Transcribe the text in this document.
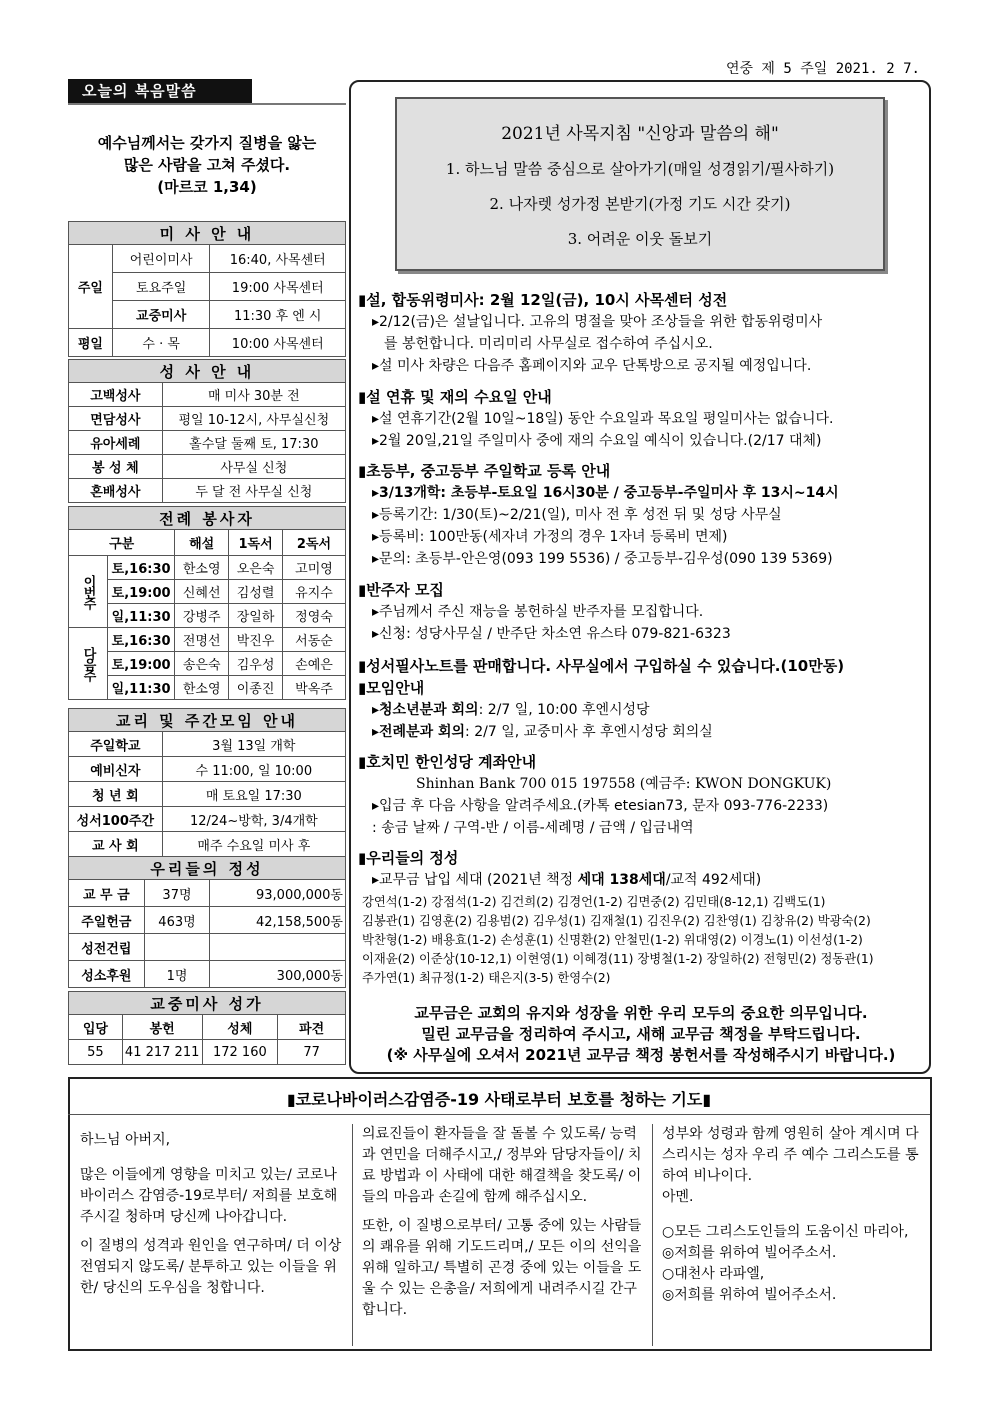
연중 제 5 주일 2021. 2 7.
오늘의 복음말씀
예수님께서는 갖가지 질병을 앓는
많은 사람을 고쳐 주셨다.
(마르코 1,34)
미 사 안 내		
주일	어린이미사	16:40, 사목센터
	토요주일	19:00 사목센터
	교중미사	11:30 후 엔 시
평일	수 · 목	10:00 사목센터
성 사 안 내	
고백성사	매 미사 30분 전
면담성사	평일 10-12시, 사무실신청
유아세례	홀수달 둘째 토, 17:30
봉 성 체	사무실 신청
혼배성사	두 달 전 사무실 신청
전례 봉사자				
구분		해설	1독서	2독서
이번주	토,16:30	한소영	오은숙	고미영
	토,19:00	신혜선	김성렬	유지수
	일,11:30	강병주	장일하	정영숙
다음주	토,16:30	전명선	박진우	서동순
	토,19:00	송은숙	김우성	손예은
	일,11:30	한소영	이종진	박옥주
교리 및 주간모임 안내	
주일학교	3월 13일 개학
예비신자	수 11:00, 일 10:00
청 년 회	매 토요일 17:30
성서100주간	12/24~방학, 3/4개학
교 사 회	매주 수요일 미사 후
우리들의 정성		
교 무 금	37명	93,000,000동
주일헌금	463명	42,158,500동
성전건립		
성소후원	1명	300,000동
교중미사 성가			
입당	봉헌	성체	파견
55	41 217 211	172 160	77
2021년 사목지침 "신앙과 말씀의 해"
1. 하느님 말씀 중심으로 살아가기(매일 성경읽기/필사하기)
2. 나자렛 성가정 본받기(가정 기도 시간 갖기)
3. 어려운 이웃 돌보기
▮설, 합동위령미사: 2월 12일(금), 10시 사목센터 성전
▸2/12(금)은 설날입니다. 고유의 명절을 맞아 조상들을 위한 합동위령미사
를 봉헌합니다. 미리미리 사무실로 접수하여 주십시오.
▸설 미사 차량은 다음주 홈페이지와 교우 단톡방으로 공지될 예정입니다.
▮설 연휴 및 재의 수요일 안내
▸설 연휴기간(2월 10일~18일) 동안 수요일과 목요일 평일미사는 없습니다.
▸2월 20일,21일 주일미사 중에 재의 수요일 예식이 있습니다.(2/17 대체)
▮초등부, 중고등부 주일학교 등록 안내
▸3/13개학: 초등부-토요일 16시30분 / 중고등부-주일미사 후 13시~14시
▸등록기간: 1/30(토)~2/21(일), 미사 전 후 성전 뒤 및 성당 사무실
▸등록비: 100만동(세자녀 가정의 경우 1자녀 등록비 면제)
▸문의: 초등부-안은영(093 199 5536) / 중고등부-김우성(090 139 5369)
▮반주자 모집
▸주님께서 주신 재능을 봉헌하실 반주자를 모집합니다.
▸신청: 성당사무실 / 반주단 차소연 유스타 079-821-6323
▮성서필사노트를 판매합니다. 사무실에서 구입하실 수 있습니다.(10만동)
▮모임안내
▸청소년분과 회의: 2/7 일, 10:00 후엔시성당
▸전례분과 회의: 2/7 일, 교중미사 후 후엔시성당 회의실
▮호치민 한인성당 계좌안내
Shinhan Bank 700 015 197558 (예금주: KWON DONGKUK)
▸입금 후 다음 사항을 알려주세요.(카톡 etesian73, 문자 093-776-2233)
: 송금 날짜 / 구역-반 / 이름-세례명 / 금액 / 입금내역
▮우리들의 정성
▸교무금 납입 세대 (2021년 책정 세대 138세대/교적 492세대)
강연석(1-2) 강점석(1-2) 김건희(2) 김경언(1-2) 김면중(2) 김민태(8-12,1) 김백도(1)
김봉관(1) 김영훈(2) 김용범(2) 김우성(1) 김재철(1) 김진우(2) 김찬영(1) 김창유(2) 박광숙(2)
박찬형(1-2) 배용효(1-2) 손성훈(1) 신명환(2) 안철민(1-2) 위대영(2) 이경노(1) 이선성(1-2)
이재윤(2) 이준상(10-12,1) 이현영(1) 이혜경(11) 장병철(1-2) 장일하(2) 전형민(2) 정동관(1)
주가연(1) 최규정(1-2) 태은지(3-5) 한영수(2)
교무금은 교회의 유지와 성장을 위한 우리 모두의 중요한 의무입니다.
밀린 교무금을 정리하여 주시고, 새해 교무금 책정을 부탁드립니다.
(※ 사무실에 오셔서 2021년 교무금 책정 봉헌서를 작성해주시기 바랍니다.)
▮코로나바이러스감염증-19 사태로부터 보호를 청하는 기도▮

하느님 아버지,

많은 이들에게 영향을 미치고 있는/ 코로나 바이러스 감염증-19로부터/ 저희를 보호해주시길 청하며 당신께 나아갑니다.

이 질병의 성격과 원인을 연구하며/ 더 이상 전염되지 않도록/ 분투하고 있는 이들을 위한/ 당신의 도우심을 청합니다.

의료진들이 환자들을 잘 돌볼 수 있도록/ 능력과 연민을 더해주시고,/ 정부와 담당자들이/ 치료 방법과 이 사태에 대한 해결책을 찾도록/ 이들의 마음과 손길에 함께 해주십시오.

또한, 이 질병으로부터/ 고통 중에 있는 사람들의 쾌유를 위해 기도드리며,/ 모든 이의 선익을 위해 일하고/ 특별히 곤경 중에 있는 이들을 도울 수 있는 은총을/ 저희에게 내려주시길 간구합니다.

성부와 성령과 함께 영원히 살아 계시며 다스리시는 성자 우리 주 예수 그리스도를 통하여 비나이다.

아멘.

○모든 그리스도인들의 도움이신 마리아,

◎저희를 위하여 빌어주소서.

○대천사 라파엘,

◎저희를 위하여 빌어주소서.
